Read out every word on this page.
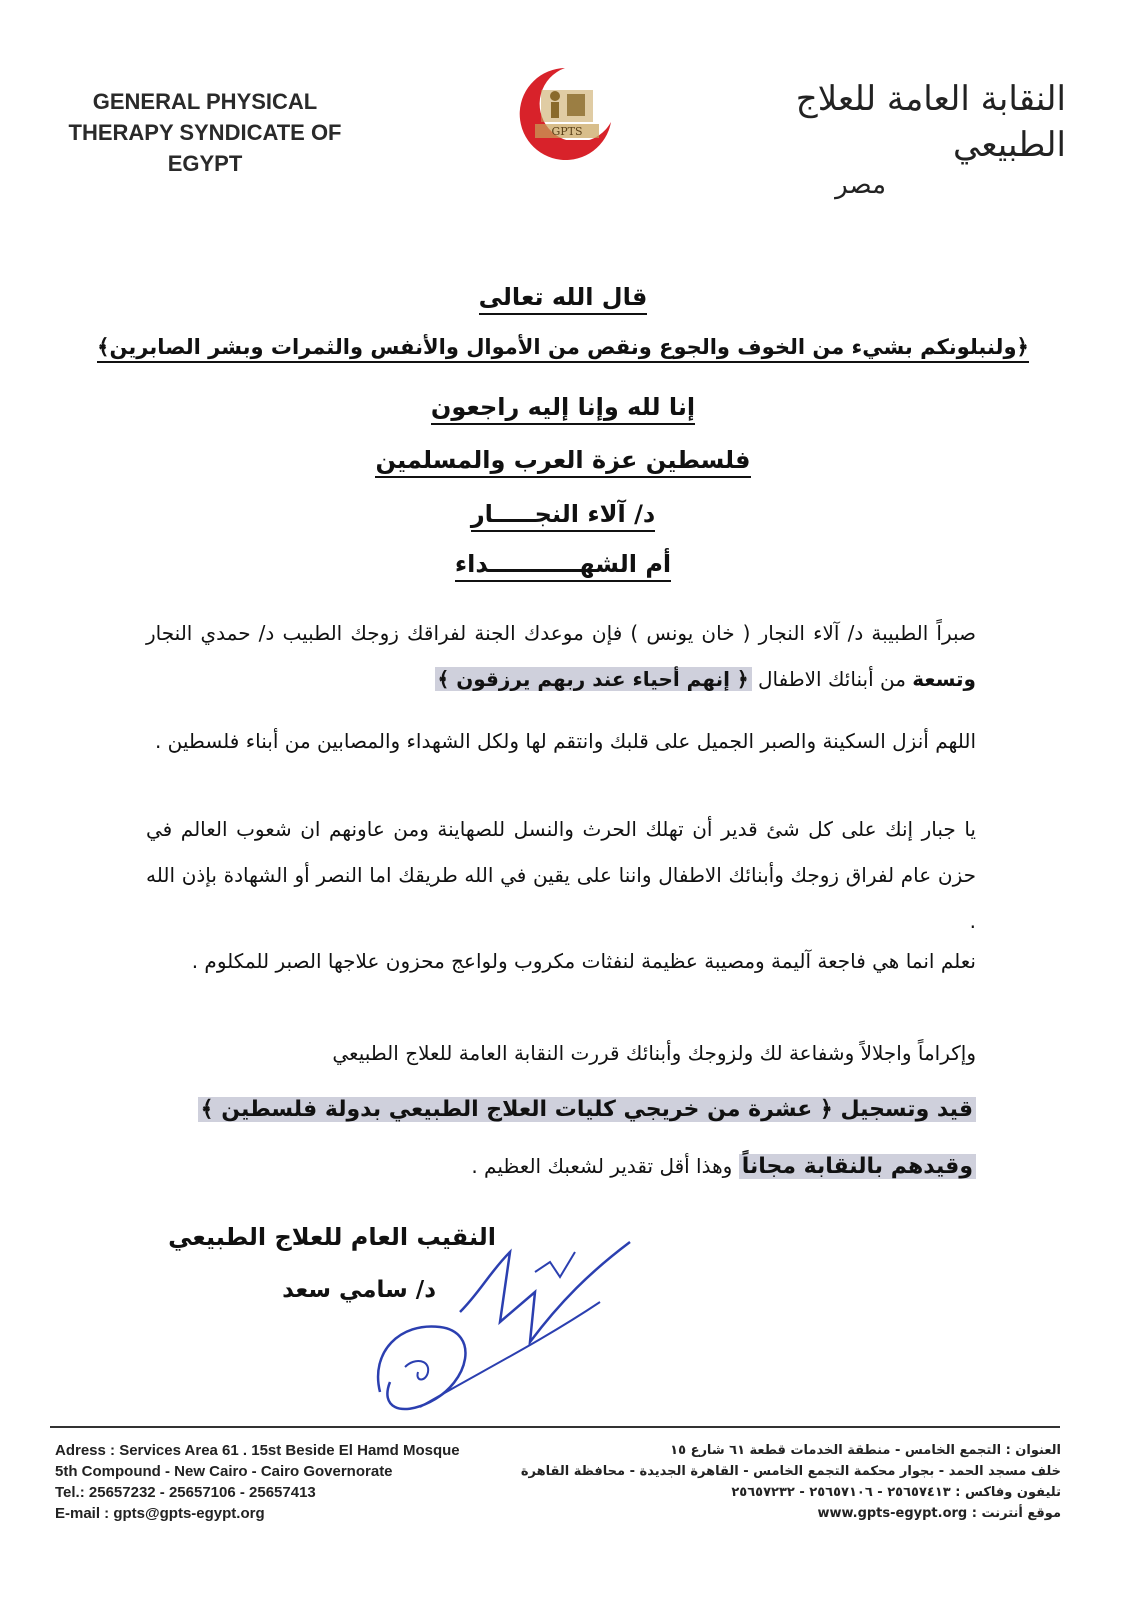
GENERAL PHYSICAL
THERAPY SYNDICATE OF
EGYPT
GPTS
النقابة العامة للعلاج الطبيعي
مصر
قال الله تعالى
﴿ولنبلونكم بشيء من الخوف والجوع ونقص من الأموال والأنفس والثمرات وبشر الصابرين﴾
إنا لله وإنا إليه راجعون
فلسطين عزة العرب والمسلمين
د/ آلاء النجـــــار
أم الشهـــــــــــداء
صبراً الطبيبة د/ آلاء النجار ( خان يونس ) فإن موعدك الجنة لفراقك زوجك الطبيب د/ حمدي النجار وتسعة من أبنائك الاطفال ﴿ إنهم أحياء عند ربهم يرزقون ﴾
اللهم أنزل السكينة والصبر الجميل على قلبك وانتقم لها ولكل الشهداء والمصابين من أبناء فلسطين .
يا جبار إنك على كل شئ قدير أن تهلك الحرث والنسل للصهاينة ومن عاونهم ان شعوب العالم في حزن عام لفراق زوجك وأبنائك الاطفال واننا على يقين في الله طريقك اما النصر أو الشهادة بإذن الله .
نعلم انما هي فاجعة آليمة ومصيبة عظيمة لنفثات مكروب ولواعج محزون علاجها الصبر للمكلوم .
وإكراماً واجلالاً وشفاعة لك ولزوجك وأبنائك قررت النقابة العامة للعلاج الطبيعي
قيد وتسجيل ﴿ عشرة من خريجي كليات العلاج الطبيعي بدولة فلسطين ﴾
وقيدهم بالنقابة مجاناً وهذا أقل تقدير لشعبك العظيم .
النقيب العام للعلاج الطبيعي
د/ سامي سعد
Adress : Services Area 61 . 15st Beside El Hamd Mosque
5th Compound - New Cairo - Cairo Governorate
Tel.: 25657232 - 25657106 - 25657413
E-mail : gpts@gpts-egypt.org
العنوان : التجمع الخامس - منطقة الخدمات قطعة ٦١ شارع ١٥
خلف مسجد الحمد - بجوار محكمة التجمع الخامس - القاهرة الجديدة - محافظة القاهرة
تليفون وفاكس : ٢٥٦٥٧٤١٣ - ٢٥٦٥٧١٠٦ - ٢٥٦٥٧٢٣٢
موقع أنترنت : www.gpts-egypt.org
